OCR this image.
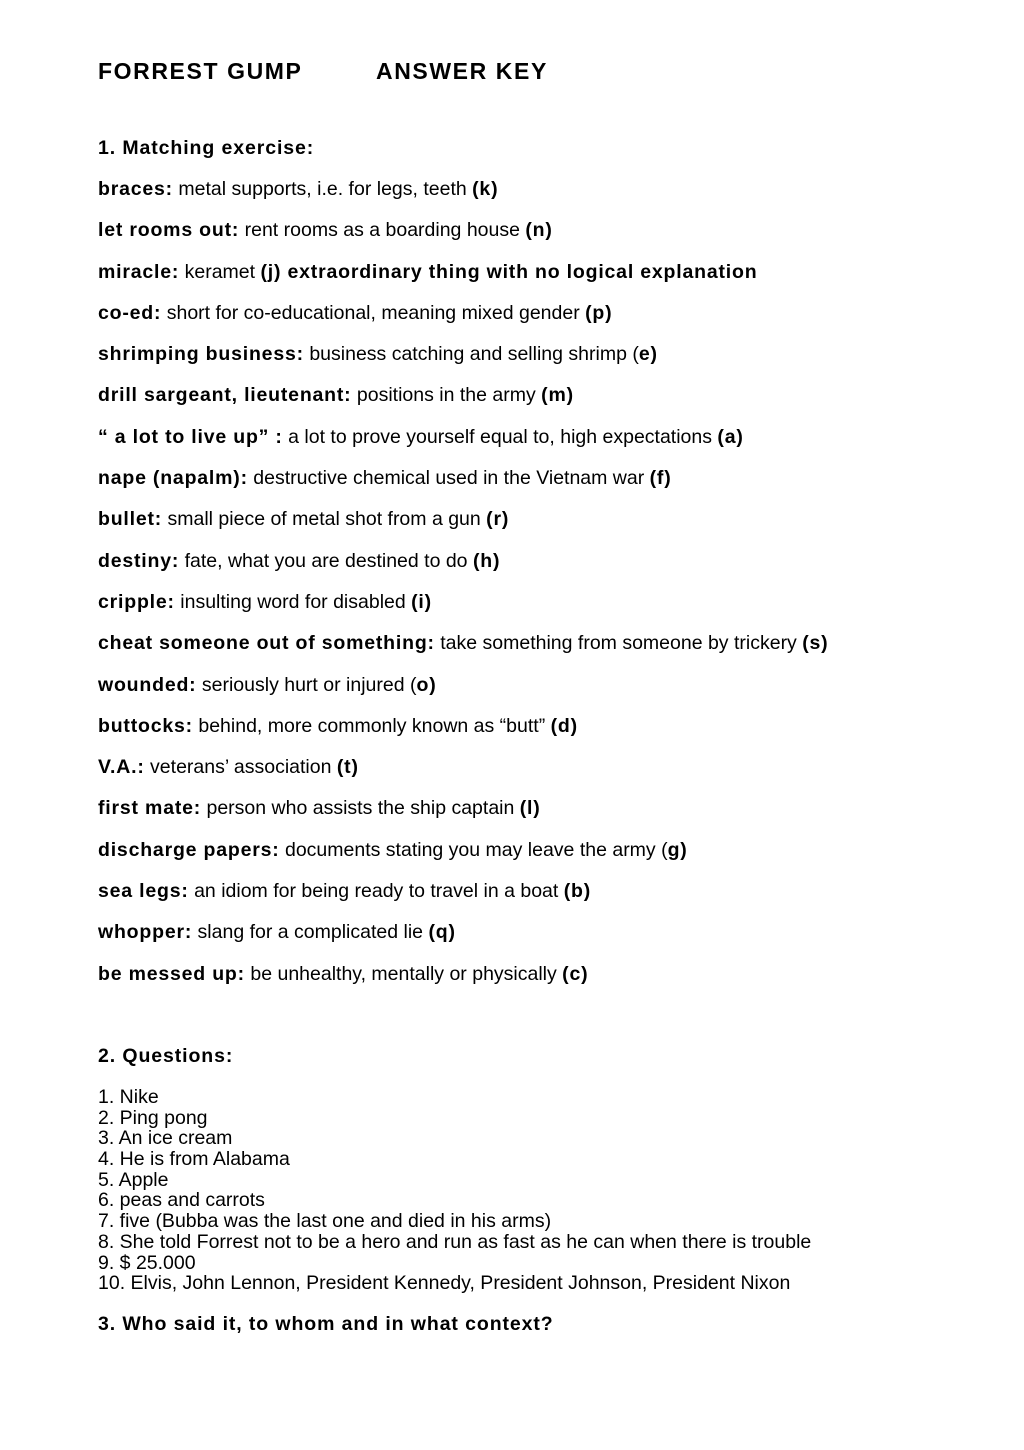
FORREST GUMP	ANSWER KEY
1. Matching exercise:
braces: metal supports, i.e. for legs, teeth (k)
let rooms out: rent rooms as a boarding house (n)
miracle: keramet (j) extraordinary thing with no logical explanation
co-ed: short for co-educational, meaning mixed gender (p)
shrimping business: business catching and selling shrimp (e)
drill sargeant, lieutenant: positions in the army (m)
“ a lot to live up” : a lot to prove yourself equal to, high expectations (a)
nape (napalm): destructive chemical used in the Vietnam war (f)
bullet: small piece of metal shot from a gun (r)
destiny: fate, what you are destined to do (h)
cripple: insulting word for disabled (i)
cheat someone out of something: take something from someone by trickery (s)
wounded: seriously hurt or injured (o)
buttocks: behind, more commonly known as “butt” (d)
V.A.: veterans’ association (t)
first mate: person who assists the ship captain (l)
discharge papers: documents stating you may leave the army (g)
sea legs: an idiom for being ready to travel in a boat (b)
whopper: slang for a complicated lie (q)
be messed up: be unhealthy, mentally or physically (c)
2. Questions:
1. Nike
2. Ping pong
3. An ice cream
4. He is from Alabama
5. Apple
6. peas and carrots
7. five (Bubba was the last one and died in his arms)
8. She told Forrest not to be a hero and run as fast as he can when there is trouble
9. $ 25.000
10. Elvis, John Lennon, President Kennedy, President Johnson, President Nixon
3. Who said it, to whom and in what context?
